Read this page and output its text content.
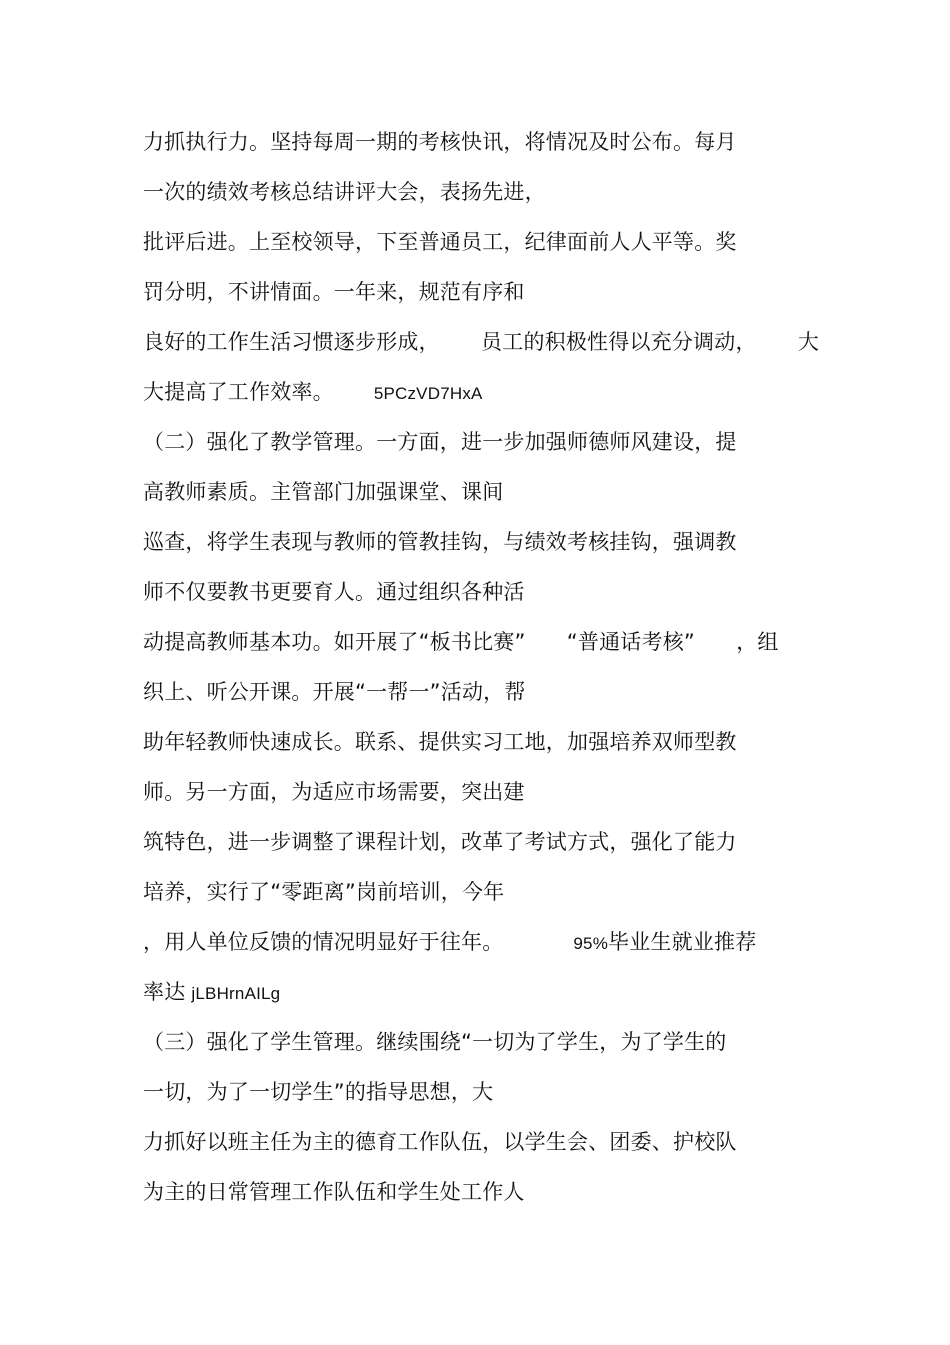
力抓执行力。坚持每周一期的考核快讯，将情况及时公布。每月
一次的绩效考核总结讲评大会，表扬先进，
批评后进。上至校领导，下至普通员工，纪律面前人人平等。奖
罚分明，不讲情面。一年来，规范有序和
良好的工作生活习惯逐步形成，      员工的积极性得以充分调动，      大
大提高了工作效率。 5PCzVD7HxA
（二）强化了教学管理。一方面，进一步加强师德师风建设，提
高教师素质。主管部门加强课堂、课间
巡查，将学生表现与教师的管教挂钩，与绩效考核挂钩，强调教
师不仅要教书更要育人。通过组织各种活
动提高教师基本功。如开展了“板书比赛”      “普通话考核”      ，组
织上、听公开课。开展“一帮一”活动，帮
助年轻教师快速成长。联系、提供实习工地，加强培养双师型教
师。另一方面，为适应市场需要，突出建
筑特色，进一步调整了课程计划，改革了考试方式，强化了能力
培养，实行了“零距离”岗前培训，今年
，用人单位反馈的情况明显好于往年。	95%毕业生就业推荐
率达 jLBHrnAILg
（三）强化了学生管理。继续围绕“一切为了学生，为了学生的
一切，为了一切学生”的指导思想，大
力抓好以班主任为主的德育工作队伍，以学生会、团委、护校队
为主的日常管理工作队伍和学生处工作人
